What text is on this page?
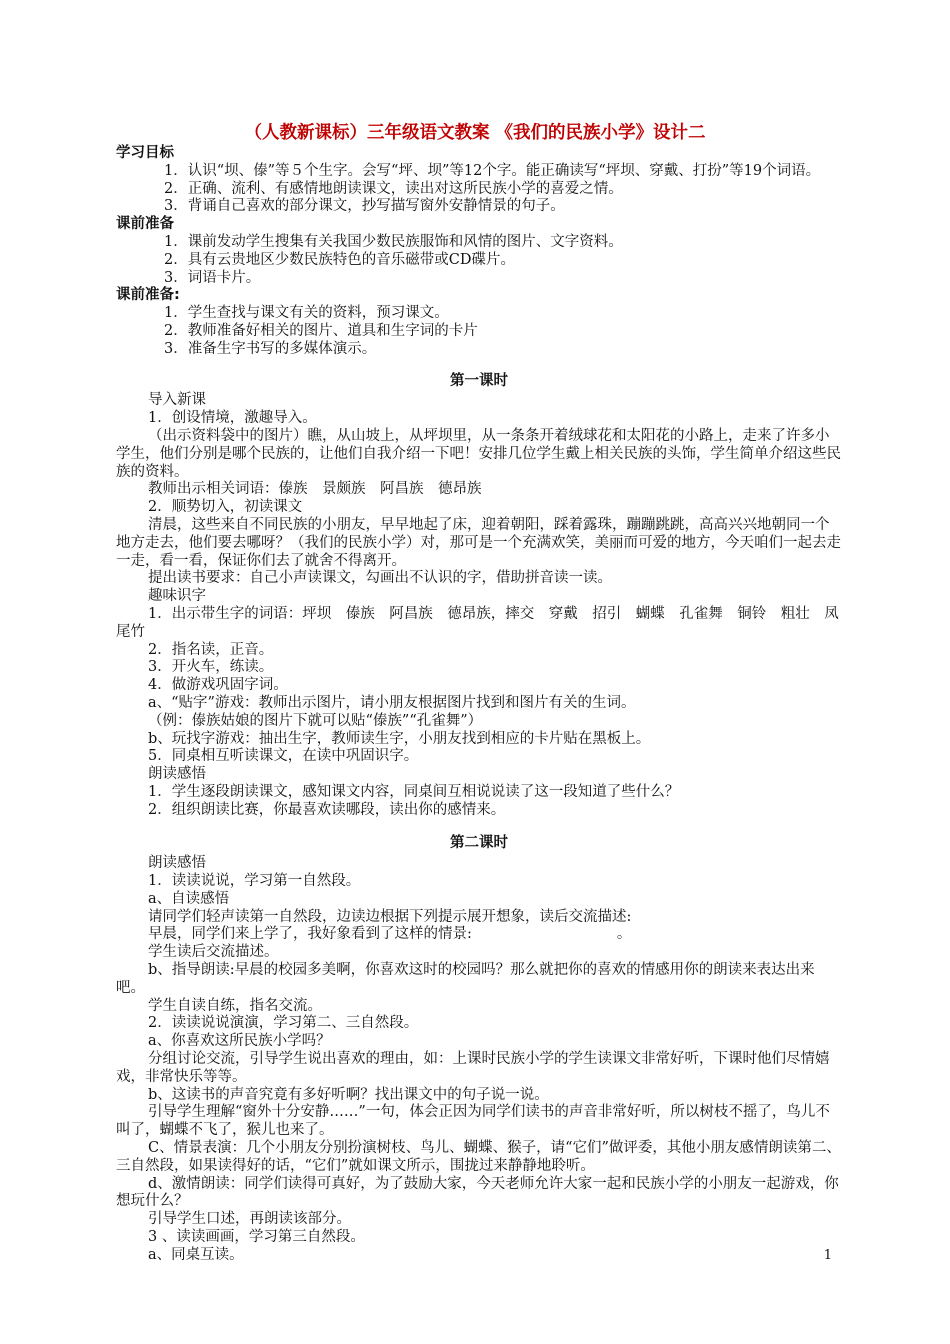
（人教新课标）三年级语文教案 《我们的民族小学》设计二

学习目标

1．认识“坝、傣”等５个生字。会写“坪、坝”等12个字。能正确读写“坪坝、穿戴、打扮”等19个词语。

2．正确、流利、有感情地朗读课文，读出对这所民族小学的喜爱之情。

3．背诵自己喜欢的部分课文，抄写描写窗外安静情景的句子。

课前准备

1．课前发动学生搜集有关我国少数民族服饰和风情的图片、文字资料。

2．具有云贵地区少数民族特色的音乐磁带或CD碟片。

3．词语卡片。

课前准备:

1．学生查找与课文有关的资料，预习课文。

2．教师准备好相关的图片、道具和生字词的卡片

3．准备生字书写的多媒体演示。

第一课时

导入新课

1．创设情境，激趣导入。

（出示资料袋中的图片）瞧，从山坡上，从坪坝里，从一条条开着绒球花和太阳花的小路上，走来了许多小学生，他们分别是哪个民族的，让他们自我介绍一下吧！安排几位学生戴上相关民族的头饰，学生简单介绍这些民族的资料。

教师出示相关词语：傣族　景颇族　阿昌族　德昂族

2．顺势切入，初读课文

清晨，这些来自不同民族的小朋友，早早地起了床，迎着朝阳，踩着露珠，蹦蹦跳跳，高高兴兴地朝同一个地方走去，他们要去哪呀？（我们的民族小学）对，那可是一个充满欢笑，美丽而可爱的地方，今天咱们一起去走一走，看一看，保证你们去了就舍不得离开。

提出读书要求：自己小声读课文，勾画出不认识的字，借助拼音读一读。

趣味识字

1．出示带生字的词语：坪坝　傣族　阿昌族　德昂族，摔交　穿戴　招引　蝴蝶　孔雀舞　铜铃　粗壮　凤尾竹

2．指名读，正音。

3．开火车，练读。

4．做游戏巩固字词。

a、“贴字”游戏：教师出示图片，请小朋友根据图片找到和图片有关的生词。

（例：傣族姑娘的图片下就可以贴“傣族”“孔雀舞”）

b、玩找字游戏：抽出生字，教师读生字，小朋友找到相应的卡片贴在黑板上。

5．同桌相互听读课文，在读中巩固识字。

朗读感悟

1．学生逐段朗读课文，感知课文内容，同桌间互相说说读了这一段知道了些什么？

2．组织朗读比赛，你最喜欢读哪段，读出你的感情来。

第二课时

朗读感悟

1．读读说说，学习第一自然段。

a、自读感悟

请同学们轻声读第一自然段，边读边根据下列提示展开想象，读后交流描述:

早晨，同学们来上学了，我好象看到了这样的情景:　　　　　　　　　　。

学生读后交流描述。

b、指导朗读:早晨的校园多美啊，你喜欢这时的校园吗？那么就把你的喜欢的情感用你的朗读来表达出来吧。

学生自读自练，指名交流。

2．读读说说演演，学习第二、三自然段。

a、你喜欢这所民族小学吗？

分组讨论交流，引导学生说出喜欢的理由，如：上课时民族小学的学生读课文非常好听，下课时他们尽情嬉戏，非常快乐等等。

b、这读书的声音究竟有多好听啊？找出课文中的句子说一说。

引导学生理解“窗外十分安静……”一句，体会正因为同学们读书的声音非常好听，所以树枝不摇了，鸟儿不叫了，蝴蝶不飞了，猴儿也来了。

C、情景表演：几个小朋友分别扮演树枝、鸟儿、蝴蝶、猴子，请“它们”做评委，其他小朋友感情朗读第二、三自然段，如果读得好的话，“它们”就如课文所示，围拢过来静静地聆听。

d、激情朗读：同学们读得可真好，为了鼓励大家，今天老师允许大家一起和民族小学的小朋友一起游戏，你想玩什么？

引导学生口述，再朗读该部分。

3 、读读画画，学习第三自然段。

a、同桌互读。	1
